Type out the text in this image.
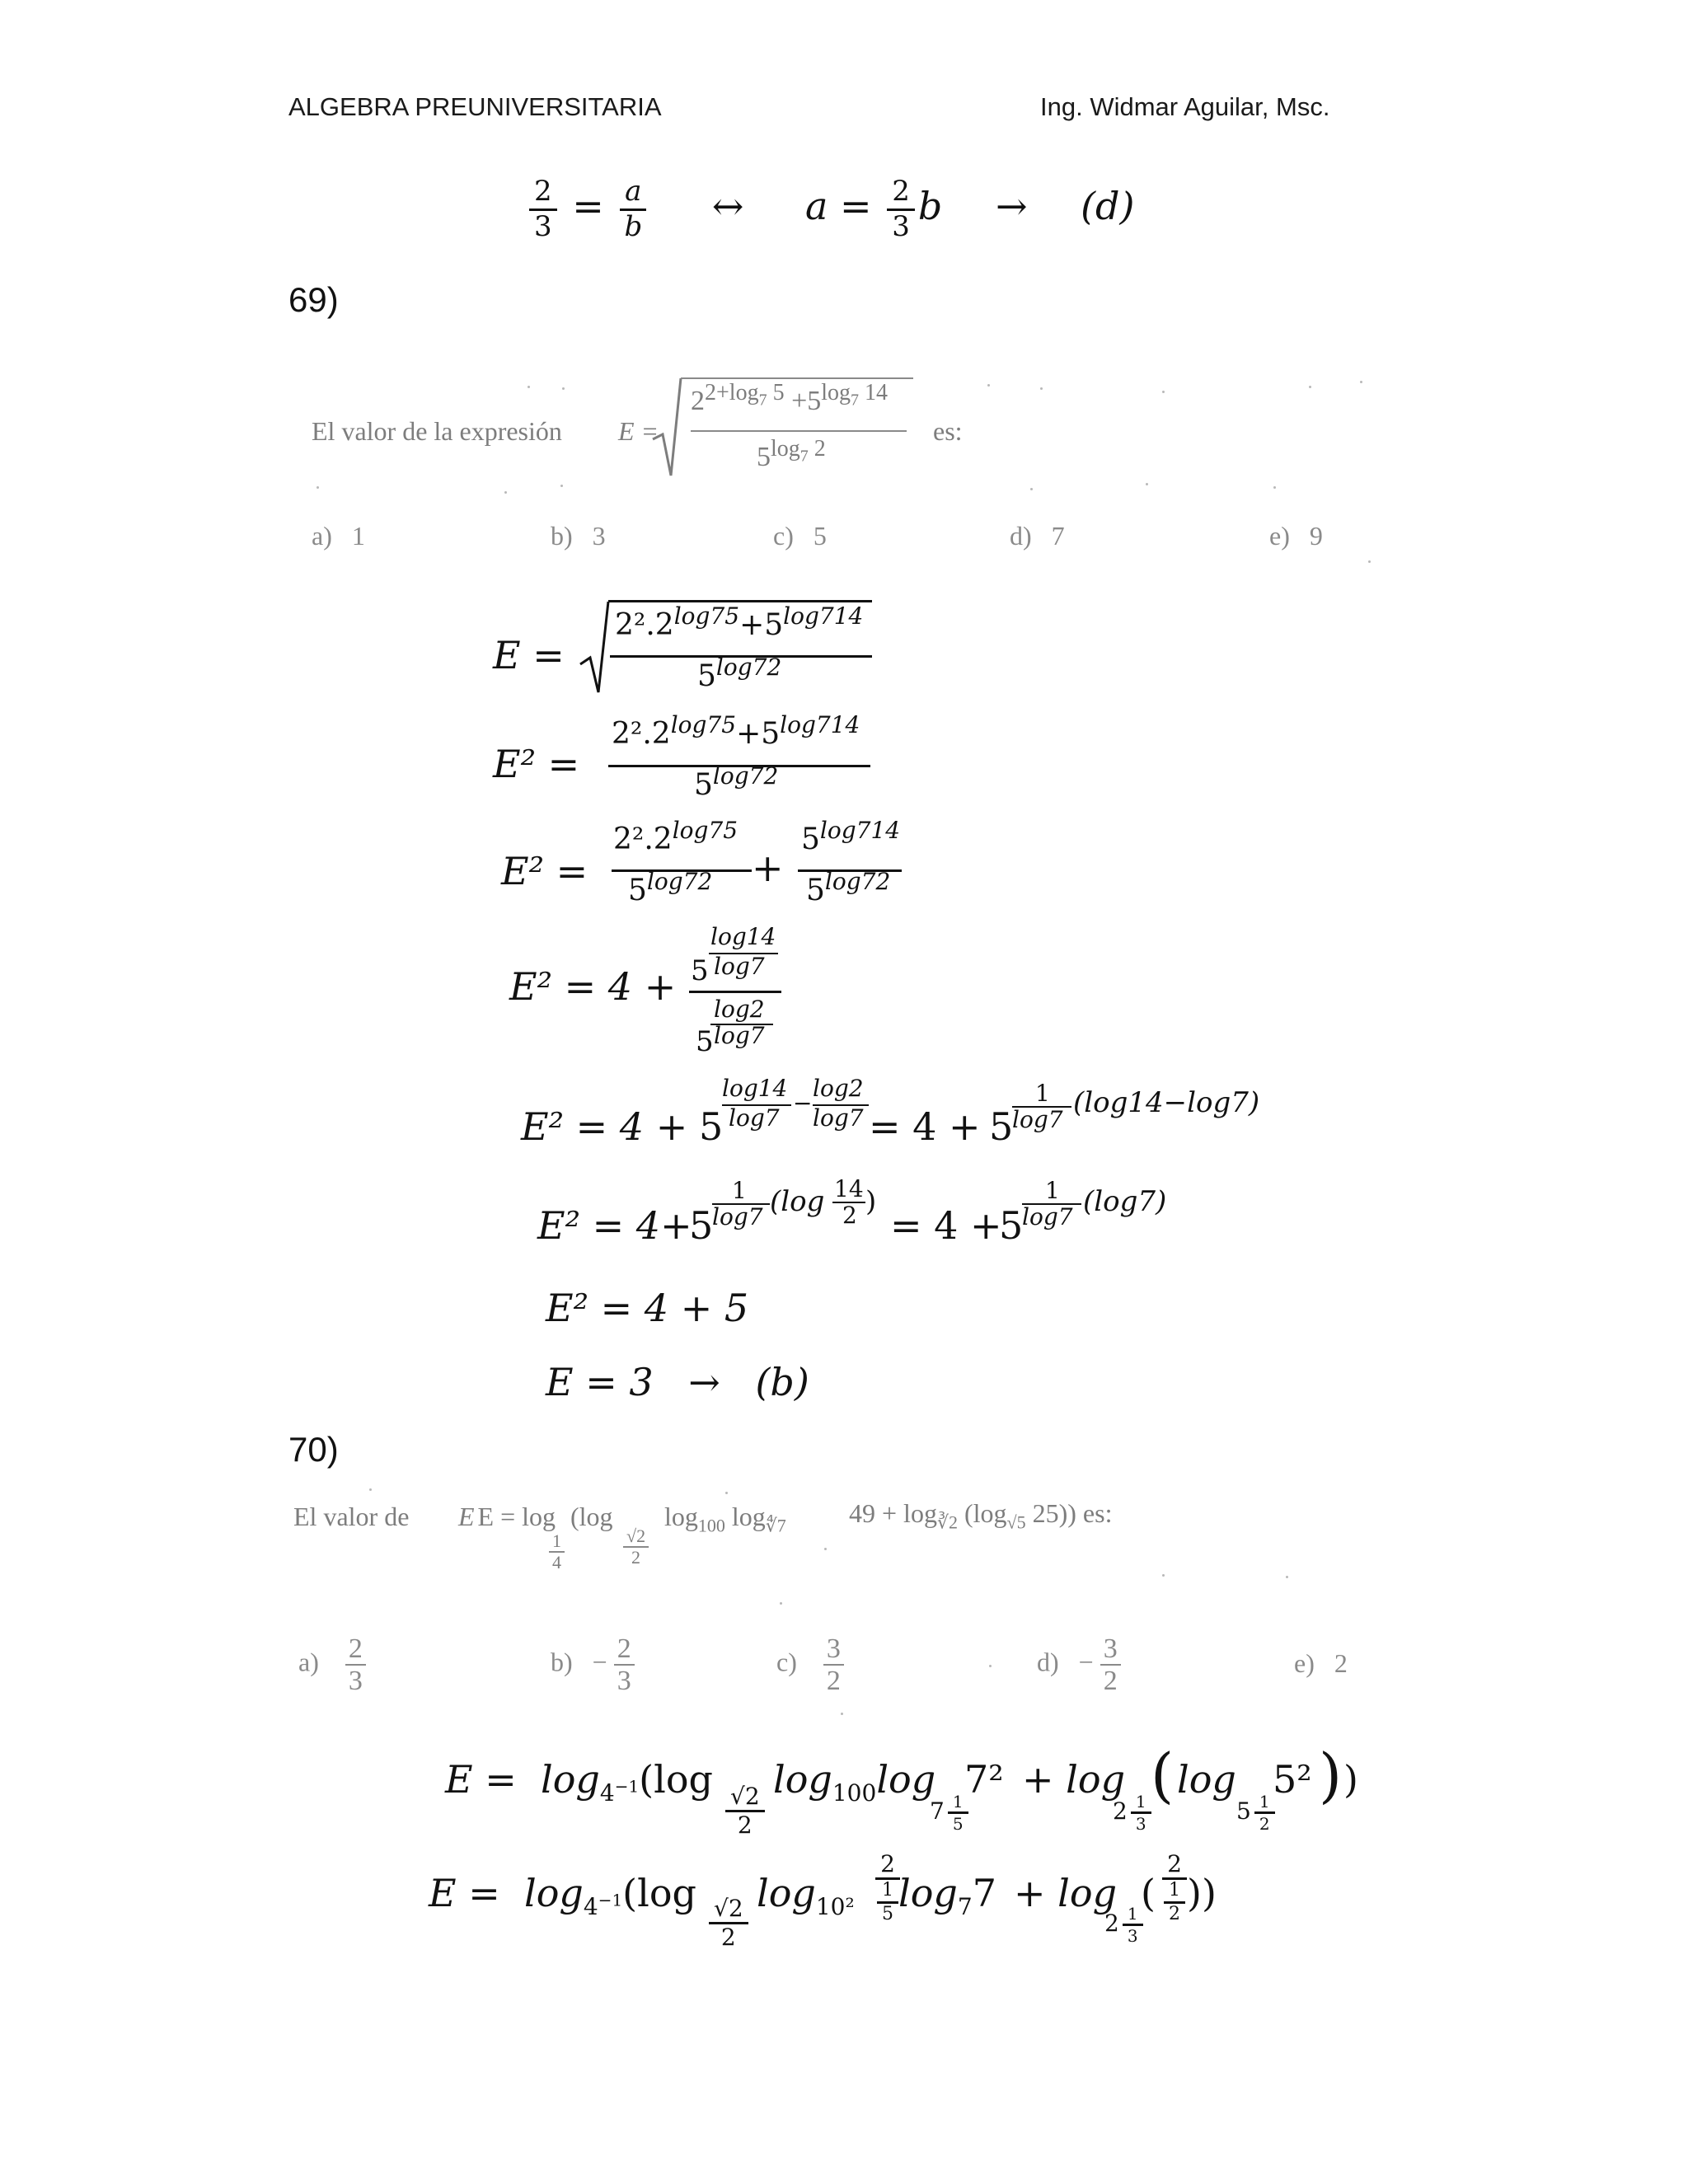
ALGEBRA PREUNIVERSITARIA	Ing. Widmar Aguilar, Msc.
$\frac{2}{3} = \frac{a}{b}$ ↔ $a = \frac{2}{3}$ b → (d)
69)
El valor de la expresión E =
$2^{2+log_7 5} +5^{log_7 14}$
$5^{log_7 2}$
es:
a) 1	b) 3	c) 5	d) 7	e) 9
E =
$2^2.2^{log75}+5^{log714}$
$5^{log72}$
E² =
$2^2.2^{log75}+5^{log714}$
$5^{log72}$
E² =
$2^2.2^{log75}$
$5^{log72}$ +
$5^{log714}$
$5^{log72}$
E² = 4 +
log14
5 log7
log2
5 log7
E² = 4 + 5
log14
log7
−
log2
log7 = 4 + 5
1
log7
(log14−log7)
E² = 4+
5
1
log7 (log 14
2 )
= 4 +
5
1
log7 (log7)
E² = 4 + 5
E = 3 → (b)
70)
El valor de E E = log
$\frac{1}{4}$
(log
$\frac{√2}{2}$
$\log_{100} \log_{∜7} 49 + \log_{∛2} (\log_{√5}$ 25)) es:
$a) \frac{2}{3}$	$b) - \frac{2}{3}$	$c) \frac{3}{2}$	$d) - \frac{3}{2}$	e) 2
$E = \log_{4^{-1}}(\log$
$\frac{√2}{2}$
$\log_{100}\log$
$7 \frac{1}{5}$
7² + log
$2 \frac{1}{3}$
( log
$5 \frac{1}{2}$
5² ) )
$E = \log_{4^{-1}}(\log$
$\frac{√2}{2}$
$\log_{10^2} \frac{2}{\frac{1}{5}}$
$\log_77 + \log$
$2 \frac{1}{3}$
( $\frac{2}{\frac{1}{2}}$
))
